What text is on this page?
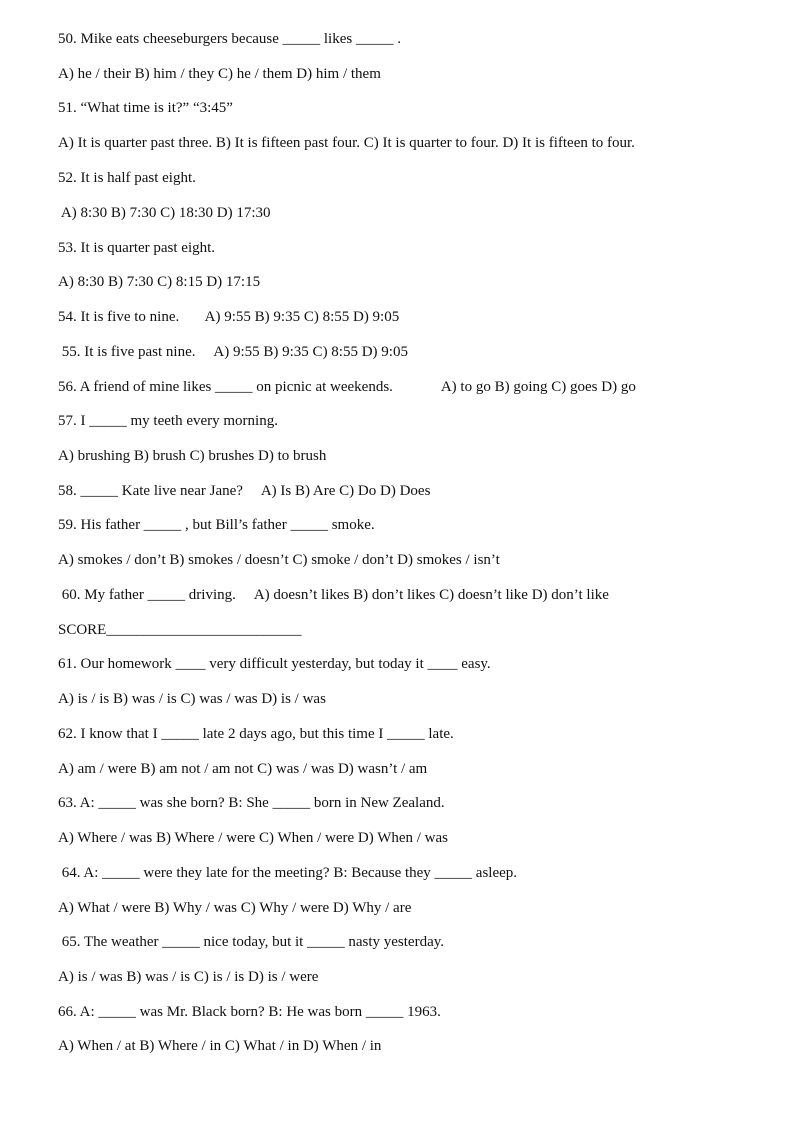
50. Mike eats cheeseburgers because _____ likes _____ .
A) he / their B) him / they C) he / them D) him / them
51. “What time is it?” “3:45”
A) It is quarter past three. B) It is fifteen past four. C) It is quarter to four. D) It is fifteen to four.
52. It is half past eight.
A) 8:30 B) 7:30 C) 18:30 D) 17:30
53. It is quarter past eight.
A) 8:30 B) 7:30 C) 8:15 D) 17:15
54. It is five to nine.       A) 9:55 B) 9:35 C) 8:55 D) 9:05
55. It is five past nine.     A) 9:55 B) 9:35 C) 8:55 D) 9:05
56. A friend of mine likes _____ on picnic at weekends.             A) to go B) going C) goes D) go
57. I _____ my teeth every morning.
A) brushing B) brush C) brushes D) to brush
58. _____ Kate live near Jane?     A) Is B) Are C) Do D) Does
59. His father _____ , but Bill’s father _____ smoke.
A) smokes / don’t B) smokes / doesn’t C) smoke / don’t D) smokes / isn’t
60. My father _____ driving.     A) doesn’t likes B) don’t likes C) doesn’t like D) don’t like
SCORE__________________________
61. Our homework ____ very difficult yesterday, but today it ____ easy.
A) is / is B) was / is C) was / was D) is / was
62. I know that I _____ late 2 days ago, but this time I _____ late.
A) am / were B) am not / am not C) was / was D) wasn’t / am
63. A: _____ was she born? B: She _____ born in New Zealand.
A) Where / was B) Where / were C) When / were D) When / was
64. A: _____ were they late for the meeting? B: Because they _____ asleep.
A) What / were B) Why / was C) Why / were D) Why / are
65. The weather _____ nice today, but it _____ nasty yesterday.
A) is / was B) was / is C) is / is D) is / were
66. A: _____ was Mr. Black born? B: He was born _____ 1963.
A) When / at B) Where / in C) What / in D) When / in
